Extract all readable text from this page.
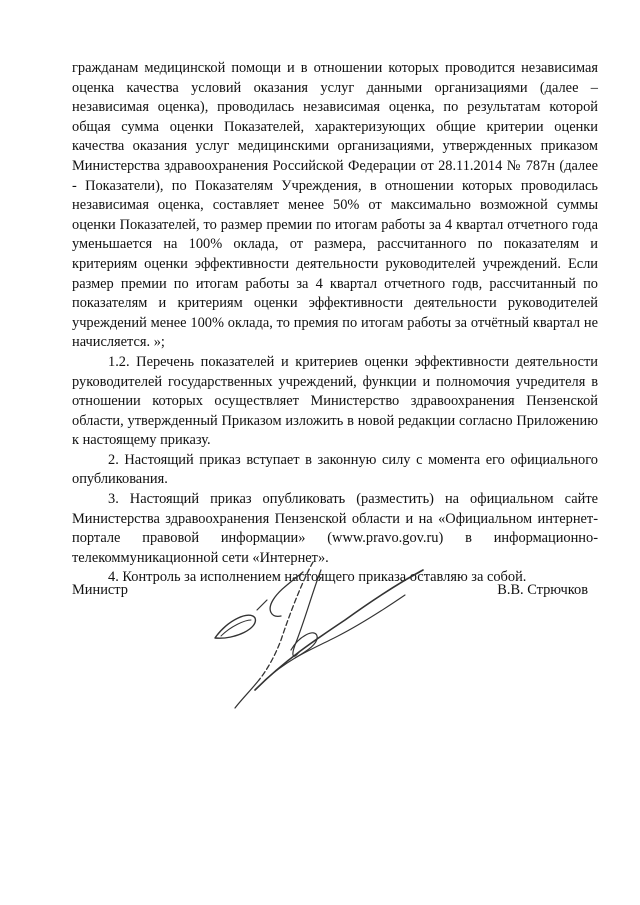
гражданам медицинской помощи и в отношении которых проводится независимая оценка качества условий оказания услуг данными организациями (далее – независимая оценка), проводилась независимая оценка, по результатам которой общая сумма оценки Показателей, характеризующих общие критерии оценки качества оказания услуг медицинскими организациями, утвержденных приказом Министерства здравоохранения Российской Федерации от 28.11.2014 № 787н (далее - Показатели), по Показателям Учреждения, в отношении которых проводилась независимая оценка, составляет менее 50% от максимально возможной суммы оценки Показателей, то размер премии по итогам работы за 4 квартал отчетного года уменьшается на 100% оклада, от размера, рассчитанного по показателям и критериям оценки эффективности деятельности руководителей учреждений. Если размер премии по итогам работы за 4 квартал отчетного годв, рассчитанный по показателям и критериям оценки эффективности деятельности руководителей учреждений менее 100% оклада, то премия по итогам работы за отчётный квартал не начисляется. »;

1.2. Перечень показателей и критериев оценки эффективности деятельности руководителей государственных учреждений, функции и полномочия учредителя в отношении которых осуществляет Министерство здравоохранения Пензенской области, утвержденный Приказом изложить в новой редакции согласно Приложению к настоящему приказу.

2. Настоящий приказ вступает в законную силу с момента его официального опубликования.

3. Настоящий приказ опубликовать (разместить) на официальном сайте Министерства здравоохранения Пензенской области и на «Официальном интернет-портале правовой информации» (www.pravo.gov.ru) в информационно-телекоммуникационной сети «Интернет».

4. Контроль за исполнением настоящего приказа оставляю за собой.

Министр	В.В. Стрючков
